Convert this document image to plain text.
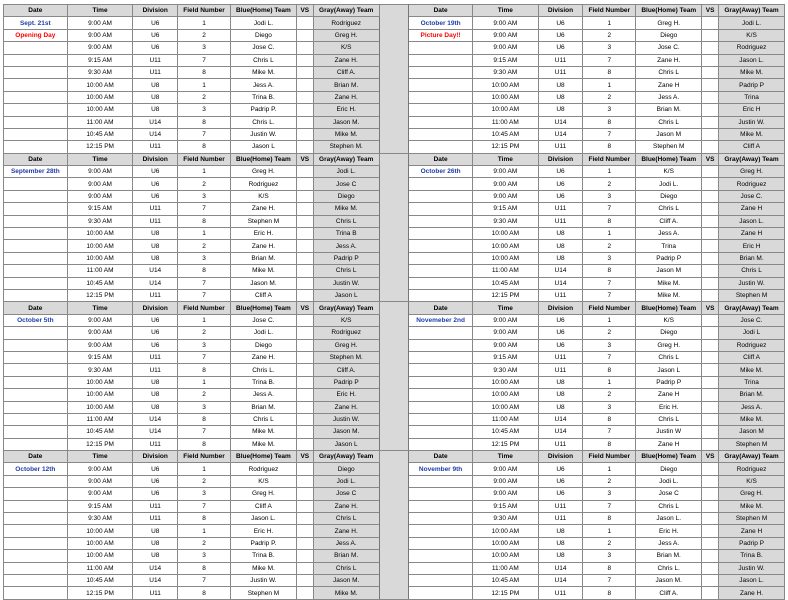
Date	Time	Division	Field Number	Blue(Home) Team	VS	Gray(Away) Team		Date	Time	Division	Field Number	Blue(Home) Team	VS	Gray(Away) Team
Sept. 21st	9:00 AM	U6	1	Jodi L.		Rodriguez		October 19th	9:00 AM	U6	1	Greg H.		Jodi L.
Opening Day	9:00 AM	U6	2	Diego		Greg H.		Picture Day!!	9:00 AM	U6	2	Diego		K/S
	9:00 AM	U6	3	Jose C.		K/S			9:00 AM	U6	3	Jose C.		Rodriguez
	9:15 AM	U11	7	Chris L		Zane H.			9:15 AM	U11	7	Zane H.		Jason L.
	9:30 AM	U11	8	Mike M.		Cliff A.			9:30 AM	U11	8	Chris L		Mike M.
	10:00 AM	U8	1	Jess A.		Brian M.			10:00 AM	U8	1	Zane H		Padrip P
	10:00 AM	U8	2	Trina B.		Zane H.			10:00 AM	U8	2	Jess A.		Trina
	10:00 AM	U8	3	Padrip P.		Eric H.			10:00 AM	U8	3	Brian M.		Eric H
	11:00 AM	U14	8	Chris L.		Jason M.			11:00 AM	U14	8	Chris L		Justin W.
	10:45 AM	U14	7	Justin W.		Mike M.			10:45 AM	U14	7	Jason M		Mike M.
	12:15 PM	U11	8	Jason L		Stephen M.			12:15 PM	U11	8	Stephen M		Cliff A
Date	Time	Division	Field Number	Blue(Home) Team	VS	Gray(Away) Team		Date	Time	Division	Field Number	Blue(Home) Team	VS	Gray(Away) Team
September 28th	9:00 AM	U6	1	Greg H.		Jodi L.		October 26th	9:00 AM	U6	1	K/S		Greg H.
	9:00 AM	U6	2	Rodriguez		Jose C			9:00 AM	U6	2	Jodi L.		Rodriguez
	9:00 AM	U6	3	K/S		Diego			9:00 AM	U6	3	Diego		Jose C.
	9:15 AM	U11	7	Zane H.		Mike M.			9:15 AM	U11	7	Chris L		Zane H
	9:30 AM	U11	8	Stephen M		Chris L			9:30 AM	U11	8	Cliff A.		Jason L.
	10:00 AM	U8	1	Eric H.		Trina B			10:00 AM	U8	1	Jess A.		Zane H
	10:00 AM	U8	2	Zane H.		Jess A.			10:00 AM	U8	2	Trina		Eric H
	10:00 AM	U8	3	Brian M.		Padrip P			10:00 AM	U8	3	Padrip P		Brian M.
	11:00 AM	U14	8	Mike M.		Chris L			11:00 AM	U14	8	Jason M		Chris L
	10:45 AM	U14	7	Jason M.		Justin W.			10:45 AM	U14	7	Mike M.		Justin W.
	12:15 PM	U11	7	Cliff A		Jason L			12:15 PM	U11	7	Mike M.		Stephen M
Date	Time	Division	Field Number	Blue(Home) Team	VS	Gray(Away) Team		Date	Time	Division	Field Number	Blue(Home) Team	VS	Gray(Away) Team
October 5th	9:00 AM	U6	1	Jose C.		K/S		Novemeber 2nd	9:00 AM	U6	1	K/S		Jose C.
	9:00 AM	U6	2	Jodi L.		Rodriguez			9:00 AM	U6	2	Diego		Jodi L
	9:00 AM	U6	3	Diego		Greg H.			9:00 AM	U6	3	Greg H.		Rodriguez
	9:15 AM	U11	7	Zane H.		Stephen M.			9:15 AM	U11	7	Chris L		Cliff A
	9:30 AM	U11	8	Chris L.		Cliff A.			9:30 AM	U11	8	Jason L		Mike M.
	10:00 AM	U8	1	Trina B.		Padrip P			10:00 AM	U8	1	Padrip P		Trina
	10:00 AM	U8	2	Jess A.		Eric H.			10:00 AM	U8	2	Zane H		Brian M.
	10:00 AM	U8	3	Brian M.		Zane H.			10:00 AM	U8	3	Eric H.		Jess A.
	11:00 AM	U14	8	Chris L		Justin W.			11:00 AM	U14	8	Chris L		Mike M.
	10:45 AM	U14	7	Mike M.		Jason M.			10:45 AM	U14	7	Justin W		Jason M
	12:15 PM	U11	8	Mike M.		Jason L			12:15 PM	U11	8	Zane H		Stephen M
Date	Time	Division	Field Number	Blue(Home) Team	VS	Gray(Away) Team		Date	Time	Division	Field Number	Blue(Home) Team	VS	Gray(Away) Team
October 12th	9:00 AM	U6	1	Rodriguez		Diego		November 9th	9:00 AM	U6	1	Diego		Rodriguez
	9:00 AM	U6	2	K/S		Jodi L.			9:00 AM	U6	2	Jodi L.		K/S
	9:00 AM	U6	3	Greg H.		Jose C			9:00 AM	U6	3	Jose C		Greg H.
	9:15 AM	U11	7	Cliff A		Zane H.			9:15 AM	U11	7	Chris L		Mike M.
	9:30 AM	U11	8	Jason L.		Chris L			9:30 AM	U11	8	Jason L.		Stephen M
	10:00 AM	U8	1	Eric H.		Zane H.			10:00 AM	U8	1	Eric H.		Zane H
	10:00 AM	U8	2	Padrip P.		Jess A.			10:00 AM	U8	2	Jess A.		Padrip P
	10:00 AM	U8	3	Trina B.		Brian M.			10:00 AM	U8	3	Brian M.		Trina B.
	11:00 AM	U14	8	Mike M.		Chris L			11:00 AM	U14	8	Chris L.		Justin W.
	10:45 AM	U14	7	Justin W.		Jason M.			10:45 AM	U14	7	Jason M.		Jason L.
	12:15 PM	U11	8	Stephen M		Mike M.			12:15 PM	U11	8	Cliff A.		Zane H.
